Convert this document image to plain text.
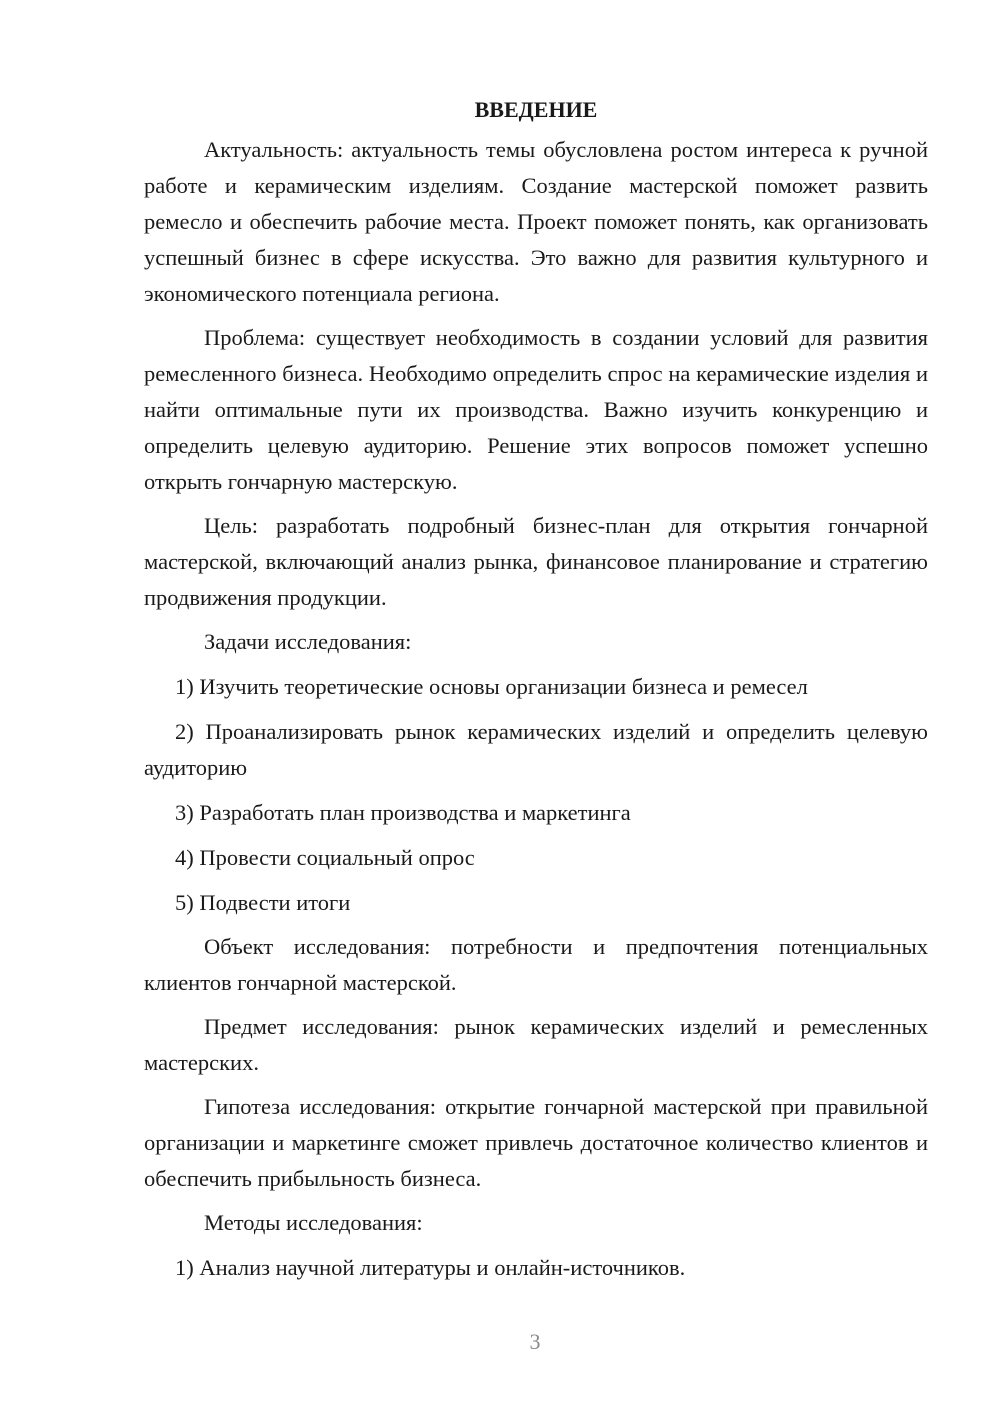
ВВЕДЕНИЕ

Актуальность: актуальность темы обусловлена ростом интереса к ручной работе и керамическим изделиям. Создание мастерской поможет развить ремесло и обеспечить рабочие места. Проект поможет понять, как организовать успешный бизнес в сфере искусства. Это важно для развития культурного и экономического потенциала региона.

Проблема: существует необходимость в создании условий для развития ремесленного бизнеса. Необходимо определить спрос на керамические изделия и найти оптимальные пути их производства. Важно изучить конкуренцию и определить целевую аудиторию. Решение этих вопросов поможет успешно открыть гончарную мастерскую.

Цель: разработать подробный бизнес-план для открытия гончарной мастерской, включающий анализ рынка, финансовое планирование и стратегию продвижения продукции.

Задачи исследования:

1) Изучить теоретические основы организации бизнеса и ремесел

2) Проанализировать рынок керамических изделий и определить целевую аудиторию

3) Разработать план производства и маркетинга

4) Провести социальный опрос

5) Подвести итоги

Объект исследования: потребности и предпочтения потенциальных клиентов гончарной мастерской.

Предмет исследования: рынок керамических изделий и ремесленных мастерских.

Гипотеза исследования: открытие гончарной мастерской при правильной организации и маркетинге сможет привлечь достаточное количество клиентов и обеспечить прибыльность бизнеса.

Методы исследования:

1) Анализ научной литературы и онлайн-источников.

3
